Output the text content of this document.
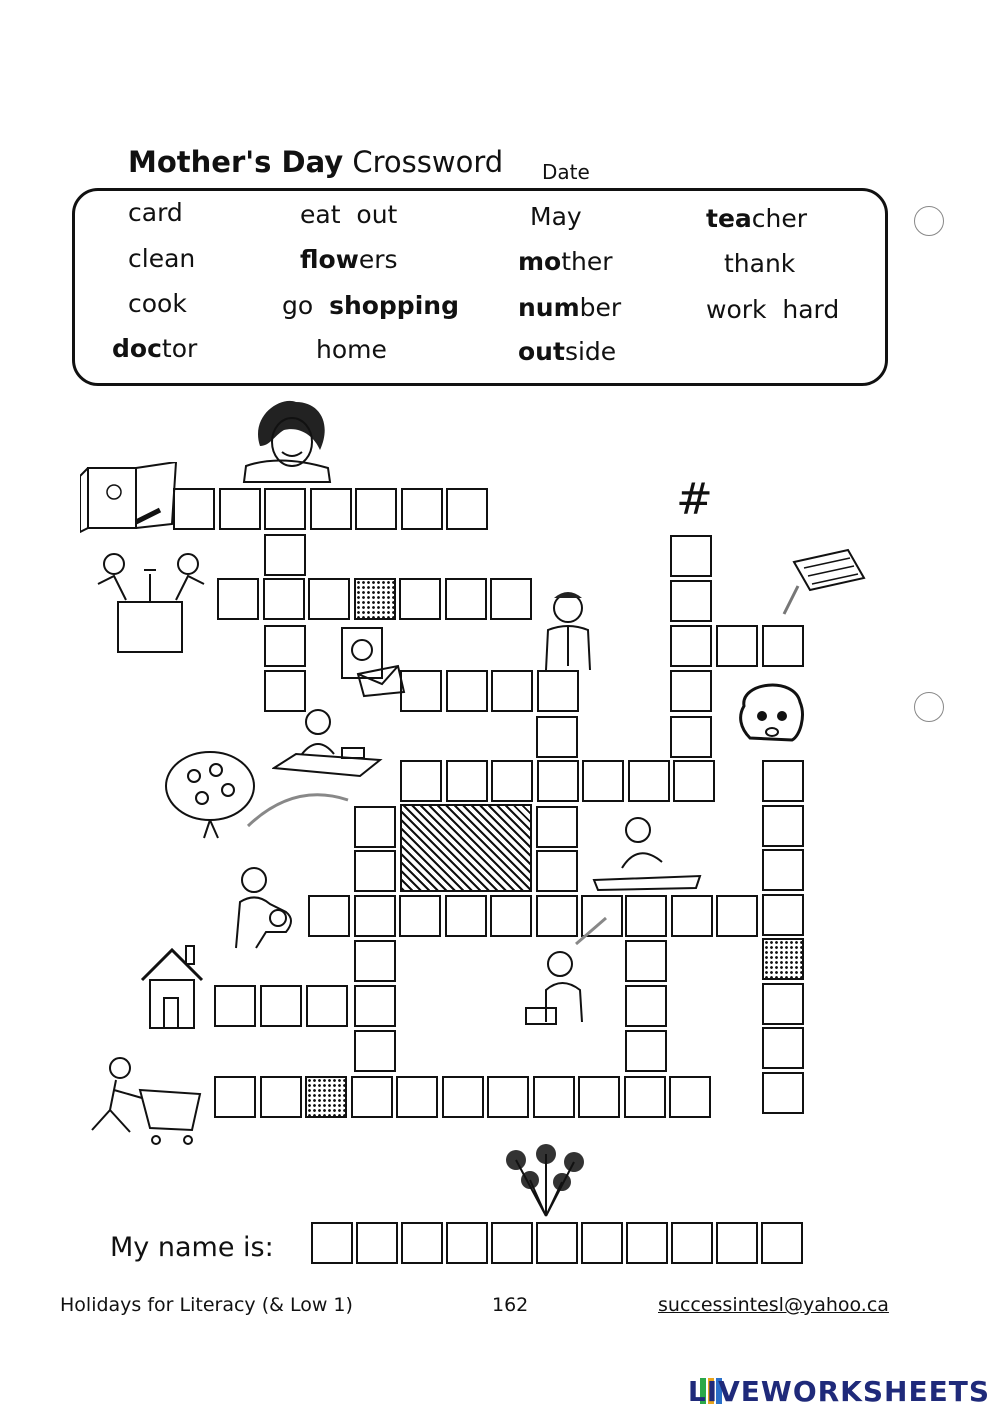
Mother's Day Crossword Date
card
clean
cook
doctor
eat  out
flowers
go  shopping
home
May
mother
number
outside
teacher
thank
work  hard
#
My name is:
Holidays for Literacy (& Low 1)	162	successintesl@yahoo.ca
LIVEWORKSHEETS
